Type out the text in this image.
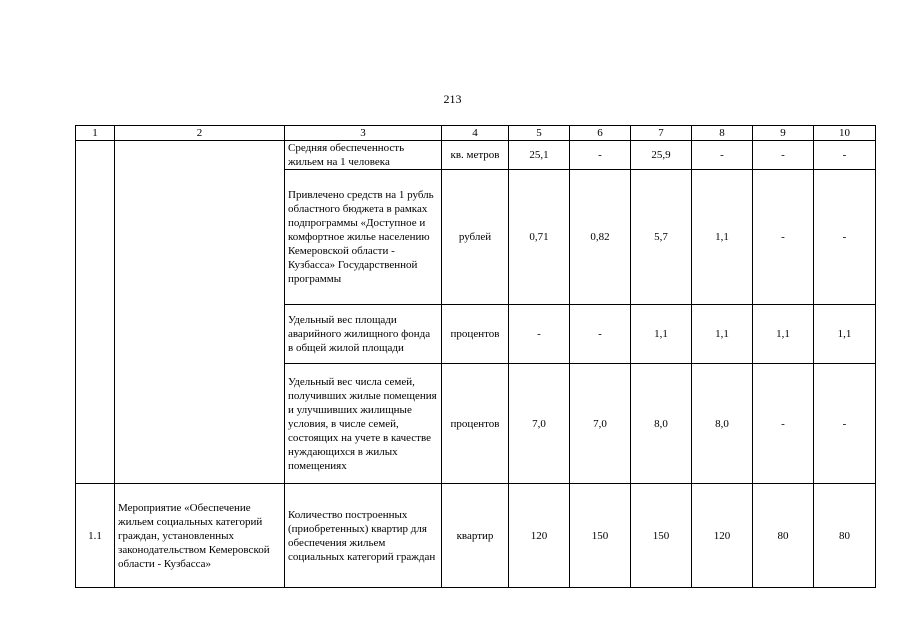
213
1	2	3	4	5	6	7	8	9	10
		Средняя обеспеченность жильем на 1 человека	кв. метров	25,1	-	25,9	-	-	-
		Привлечено средств на 1 рубль областного бюджета в рамках подпрограммы «Доступное и комфортное жилье населению Кемеровской области - Кузбасса» Государственной программы	рублей	0,71	0,82	5,7	1,1	-	-
		Удельный вес площади аварийного жилищного фонда в общей жилой площади	процентов	-	-	1,1	1,1	1,1	1,1
		Удельный вес числа семей, получивших жилые помещения и улучшивших жилищные условия, в числе семей, состоящих на учете в качестве нуждающихся в жилых помещениях	процентов	7,0	7,0	8,0	8,0	-	-
1.1	Мероприятие «Обеспечение жильем социальных категорий граждан, установленных законодательством Кемеровской области - Кузбасса»	Количество построенных (приобретенных) квартир для обеспечения жильем социальных категорий граждан	квартир	120	150	150	120	80	80
